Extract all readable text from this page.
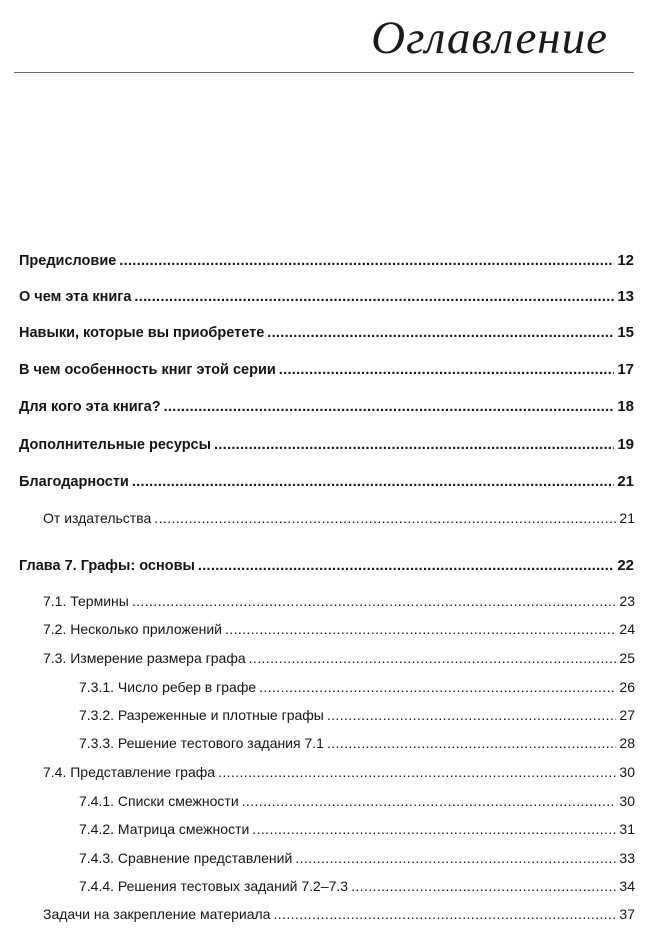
Оглавление
Предисловие .....	12
О чем эта книга .....	13
Навыки, которые вы приобретете .....	15
В чем особенность книг этой серии .....	17
Для кого эта книга? .....	18
Дополнительные ресурсы .....	19
Благодарности .....	21
От издательства .....	21
Глава 7. Графы: основы .....	22
7.1. Термины .....	23
7.2. Несколько приложений .....	24
7.3. Измерение размера графа .....	25
7.3.1. Число ребер в графе .....	26
7.3.2. Разреженные и плотные графы .....	27
7.3.3. Решение тестового задания 7.1 .....	28
7.4. Представление графа .....	30
7.4.1. Списки смежности .....	30
7.4.2. Матрица смежности .....	31
7.4.3. Сравнение представлений .....	33
7.4.4. Решения тестовых заданий 7.2–7.3 .....	34
Задачи на закрепление материала .....	37
